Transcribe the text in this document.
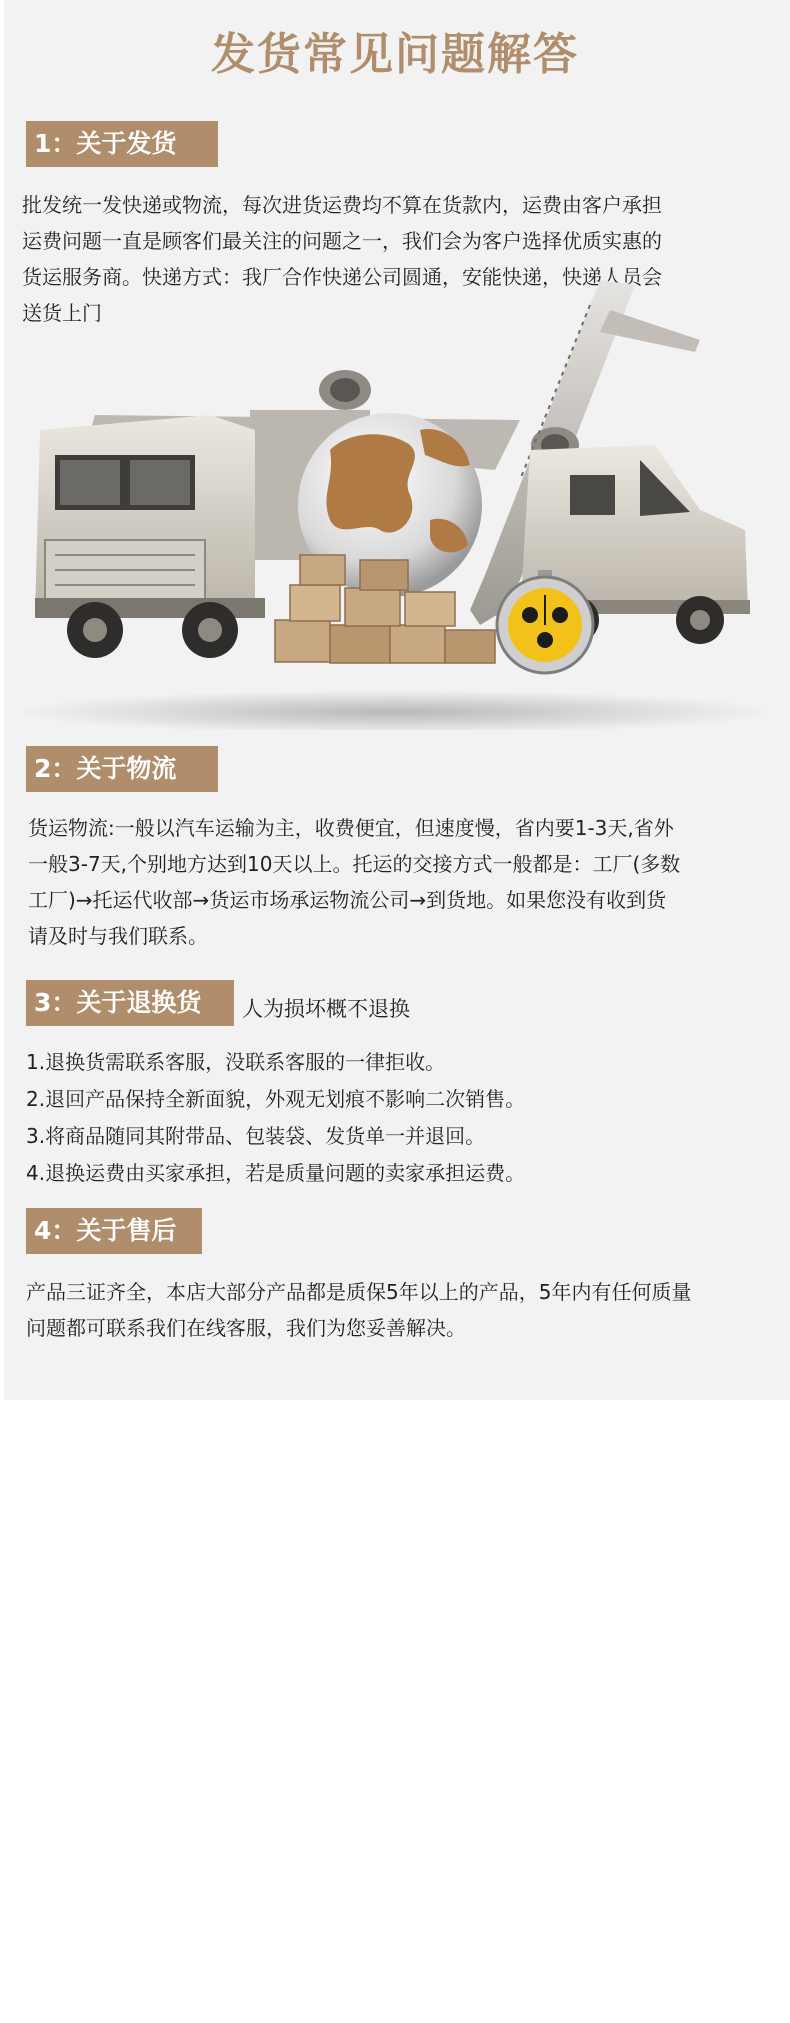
发货常见问题解答
1：关于发货
批发统一发快递或物流，每次进货运费均不算在货款内，运费由客户承担
运费问题一直是顾客们最关注的问题之一，我们会为客户选择优质实惠的
货运服务商。快递方式：我厂合作快递公司圆通，安能快递，快递人员会
送货上门
2：关于物流
货运物流:一般以汽车运输为主，收费便宜，但速度慢，省内要1-3天,省外
一般3-7天,个别地方达到10天以上。托运的交接方式一般都是：工厂(多数
工厂)→托运代收部→货运市场承运物流公司→到货地。如果您没有收到货
请及时与我们联系。
3：关于退换货	人为损坏概不退换
1.退换货需联系客服，没联系客服的一律拒收。
2.退回产品保持全新面貌，外观无划痕不影响二次销售。
3.将商品随同其附带品、包装袋、发货单一并退回。
4.退换运费由买家承担，若是质量问题的卖家承担运费。
4：关于售后
产品三证齐全，本店大部分产品都是质保5年以上的产品，5年内有任何质量
问题都可联系我们在线客服，我们为您妥善解决。
